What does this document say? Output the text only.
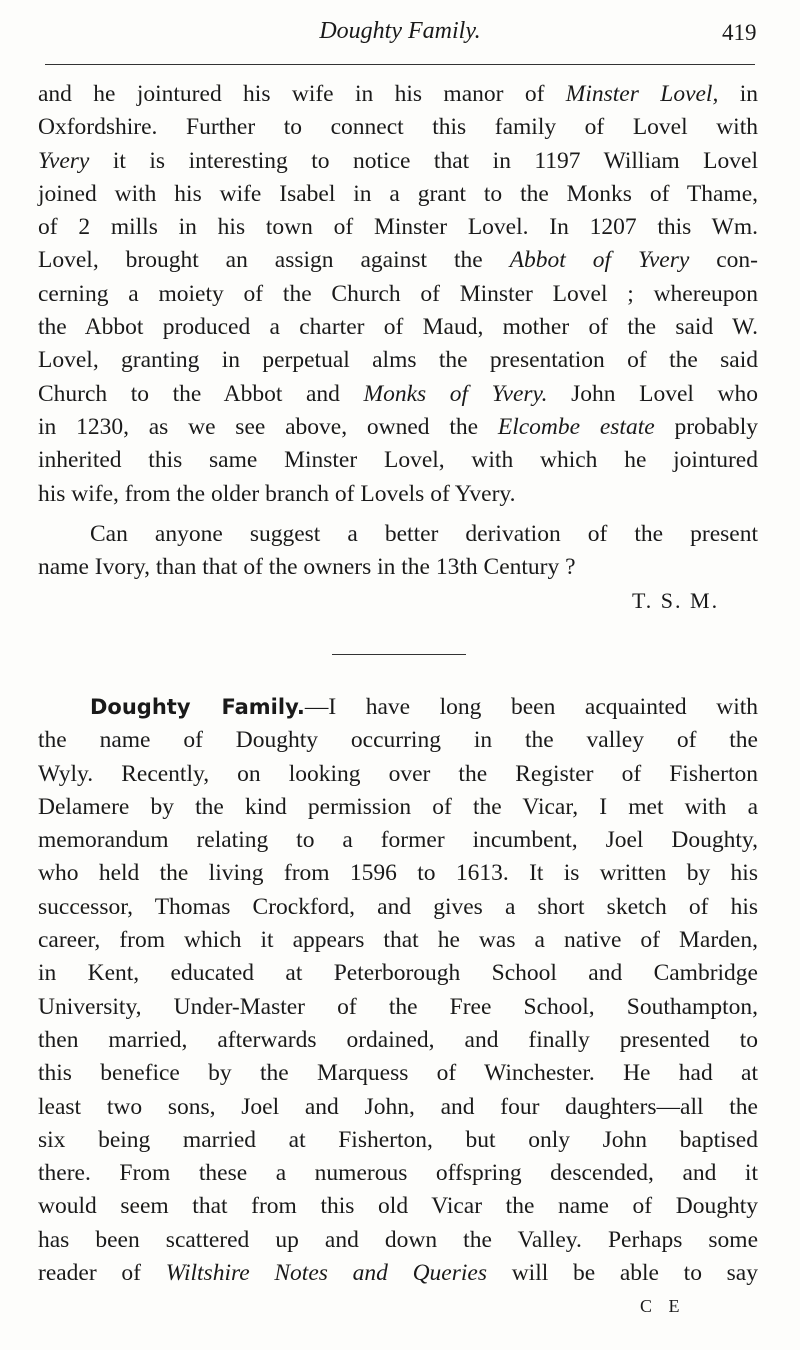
Doughty Family.	419
and he jointured his wife in his manor of Minster Lovel, in
Oxfordshire. Further to connect this family of Lovel with
Yvery it is interesting to notice that in 1197 William Lovel
joined with his wife Isabel in a grant to the Monks of Thame,
of 2 mills in his town of Minster Lovel. In 1207 this Wm.
Lovel, brought an assign against the Abbot of Yvery con-
cerning a moiety of the Church of Minster Lovel ; whereupon
the Abbot produced a charter of Maud, mother of the said W.
Lovel, granting in perpetual alms the presentation of the said
Church to the Abbot and Monks of Yvery. John Lovel who
in 1230, as we see above, owned the Elcombe estate probably
inherited this same Minster Lovel, with which he jointured
his wife, from the older branch of Lovels of Yvery.
Can anyone suggest a better derivation of the present
name Ivory, than that of the owners in the 13th Century ?
T. S. M.
Doughty Family.—I have long been acquainted with
the name of Doughty occurring in the valley of the
Wyly. Recently, on looking over the Register of Fisherton
Delamere by the kind permission of the Vicar, I met with a
memorandum relating to a former incumbent, Joel Doughty,
who held the living from 1596 to 1613. It is written by his
successor, Thomas Crockford, and gives a short sketch of his
career, from which it appears that he was a native of Marden,
in Kent, educated at Peterborough School and Cambridge
University, Under-Master of the Free School, Southampton,
then married, afterwards ordained, and finally presented to
this benefice by the Marquess of Winchester. He had at
least two sons, Joel and John, and four daughters—all the
six being married at Fisherton, but only John baptised
there. From these a numerous offspring descended, and it
would seem that from this old Vicar the name of Doughty
has been scattered up and down the Valley. Perhaps some
reader of Wiltshire Notes and Queries will be able to say
C E
